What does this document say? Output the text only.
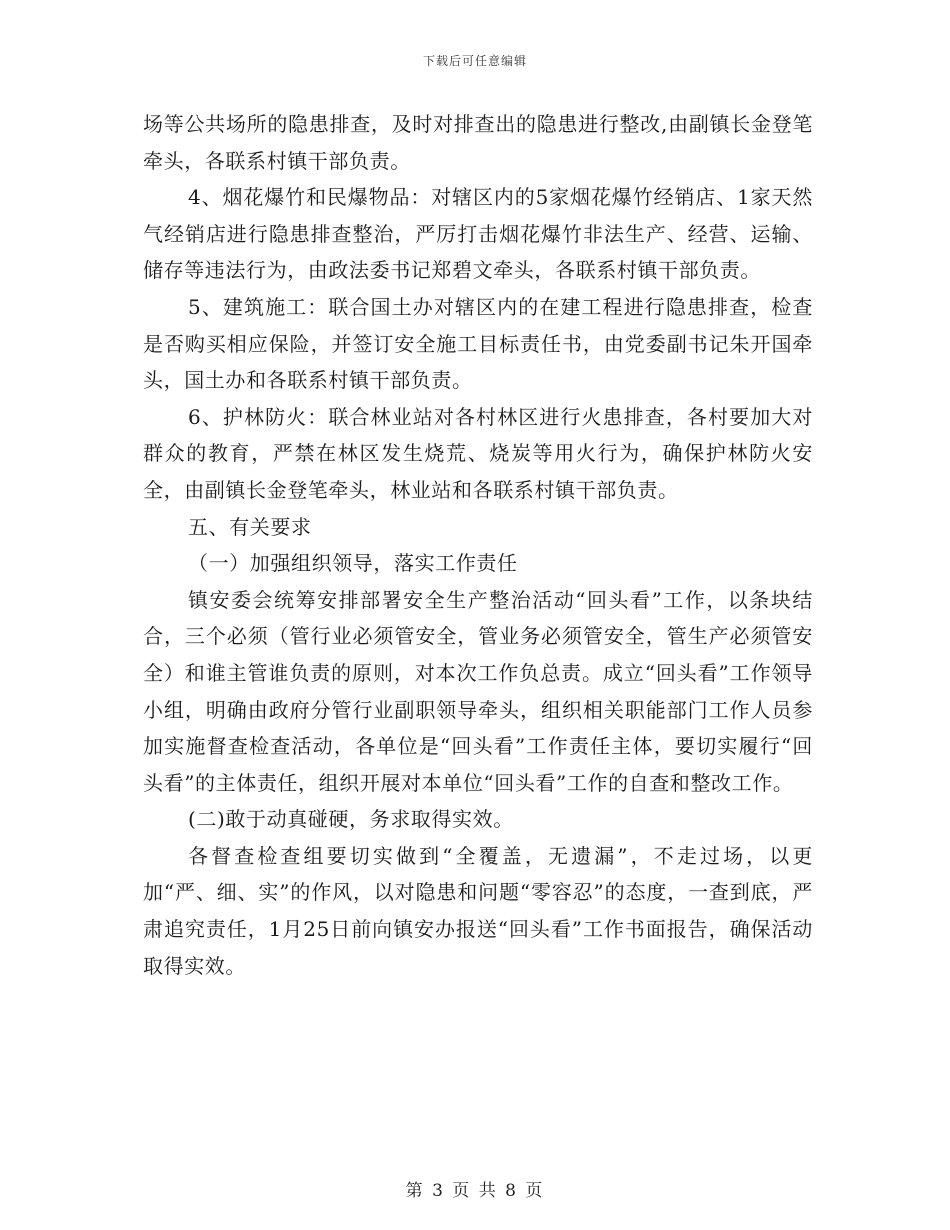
下载后可任意编辑

场等公共场所的隐患排查，及时对排查出的隐患进行整改,由副镇长金登笔牵头，各联系村镇干部负责。

4、烟花爆竹和民爆物品：对辖区内的5家烟花爆竹经销店、1家天然气经销店进行隐患排查整治，严厉打击烟花爆竹非法生产、经营、运输、储存等违法行为，由政法委书记郑碧文牵头，各联系村镇干部负责。

5、建筑施工：联合国土办对辖区内的在建工程进行隐患排查，检查是否购买相应保险，并签订安全施工目标责任书，由党委副书记朱开国牵头，国土办和各联系村镇干部负责。

6、护林防火：联合林业站对各村林区进行火患排查，各村要加大对群众的教育，严禁在林区发生烧荒、烧炭等用火行为，确保护林防火安全，由副镇长金登笔牵头，林业站和各联系村镇干部负责。

五、有关要求

（一）加强组织领导，落实工作责任

镇安委会统筹安排部署安全生产整治活动“回头看”工作，以条块结合，三个必须（管行业必须管安全，管业务必须管安全，管生产必须管安全）和谁主管谁负责的原则，对本次工作负总责。成立“回头看”工作领导小组，明确由政府分管行业副职领导牵头，组织相关职能部门工作人员参加实施督查检查活动，各单位是“回头看”工作责任主体，要切实履行“回头看”的主体责任，组织开展对本单位“回头看”工作的自查和整改工作。

(二)敢于动真碰硬，务求取得实效。

各督查检查组要切实做到“全覆盖，无遗漏”，不走过场，以更加“严、细、实”的作风，以对隐患和问题“零容忍”的态度，一查到底，严肃追究责任，1月25日前向镇安办报送“回头看”工作书面报告，确保活动取得实效。

第 3 页 共 8 页
